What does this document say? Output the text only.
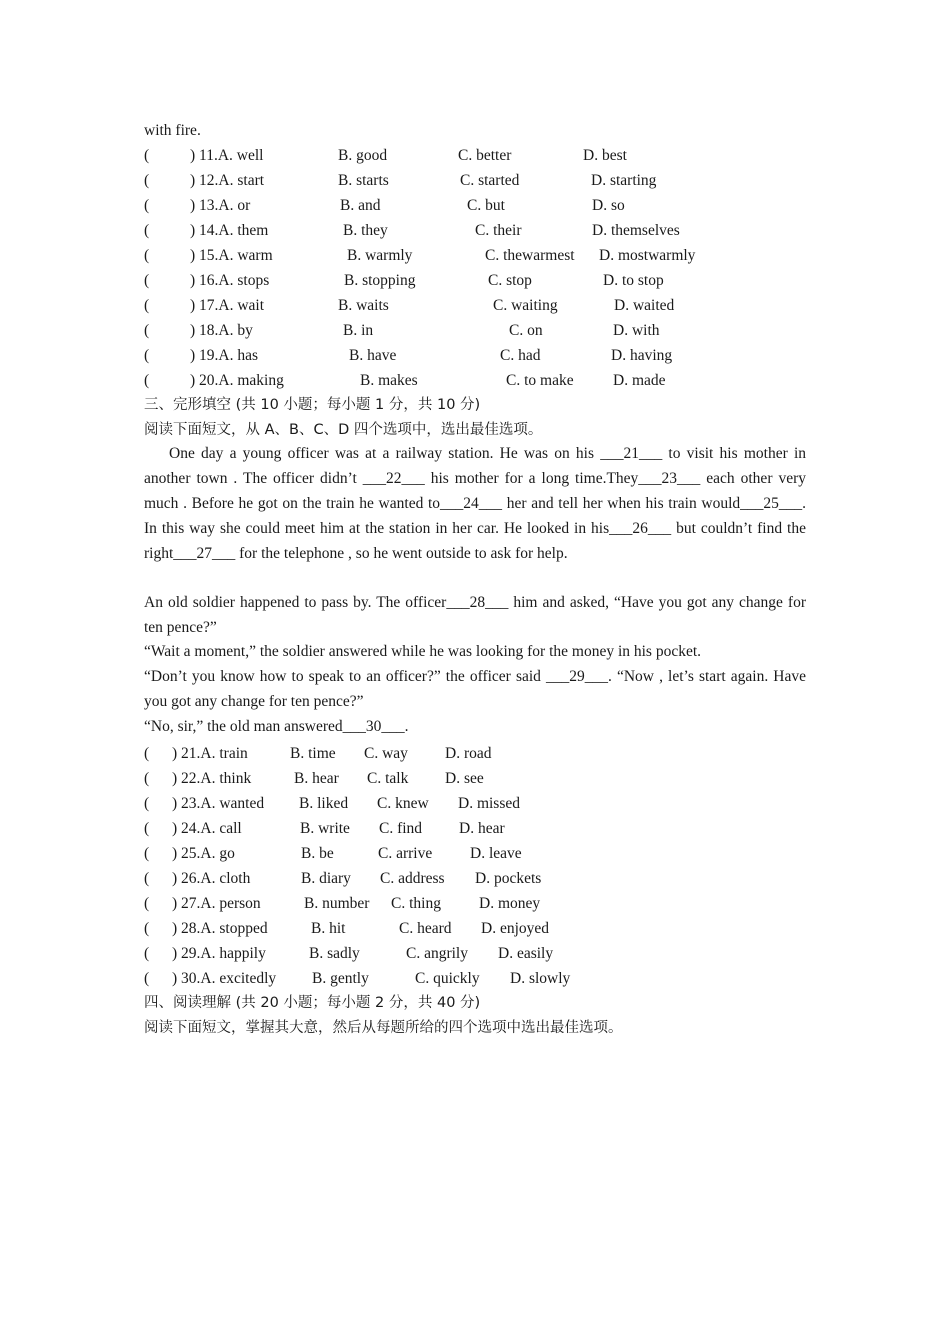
with fire.
(	) 11.A. well	B. good	C. better	D. best
(	) 12.A. start	B. starts	C. started	D. starting
(	) 13.A. or	B. and	C. but	D. so
(	) 14.A. them	B. they	C. their	D. themselves
(	) 15.A. warm	B. warmly	C. thewarmest D. mostwarmly
(	) 16.A. stops	B. stopping	C. stop	D. to stop
(	) 17.A. wait	B. waits	C. waiting	D. waited
(	) 18.A. by	B. in	C. on	D. with
(	) 19.A. has	B. have	C. had	D. having
(	) 20.A. making	B. makes	C. to make	D. made
三、完形填空 (共 10 小题；每小题 1 分，共 10 分)
阅读下面短文，从 A、B、C、D 四个选项中，选出最佳选项。
One day a young officer was at a railway station. He was on his ___21___ to visit his mother in another town . The officer didn’t ___22___ his mother for a long time.They___23___ each other very much . Before he got on the train he wanted to___24___ her and tell her when his train would___25___. In this way she could meet him at the station in her car. He looked in his___26___ but couldn’t find the right___27___ for the telephone , so he went outside to ask for help.
An old soldier happened to pass by. The officer___28___ him and asked, “Have you got any change for ten pence?”
“Wait a moment,” the soldier answered while he was looking for the money in his pocket.
“Don’t you know how to speak to an officer?” the officer said ___29___. “Now , let’s start again. Have you got any change for ten pence?”
“No, sir,” the old man answered___30___.
( ) 21.A. train	B. time C. way D. road
( ) 22.A. think	B. hear C. talk D. see
( ) 23.A. wanted B. liked C. knew D. missed
( ) 24.A. call	B. write C. find D. hear
( ) 25.A. go	B. be	C. arrive D. leave
( ) 26.A. cloth	B. diary C. address D. pockets
( ) 27.A. person	B. number C. thing D. money
( ) 28.A. stopped	B. hit	C. heard D. enjoyed
( ) 29.A. happily	B. sadly	C. angrily D. easily
( ) 30.A. excitedly B. gently	C. quickly D. slowly
四、阅读理解 (共 20 小题；每小题 2 分，共 40 分)
阅读下面短文，掌握其大意，然后从每题所给的四个选项中选出最佳选项。
